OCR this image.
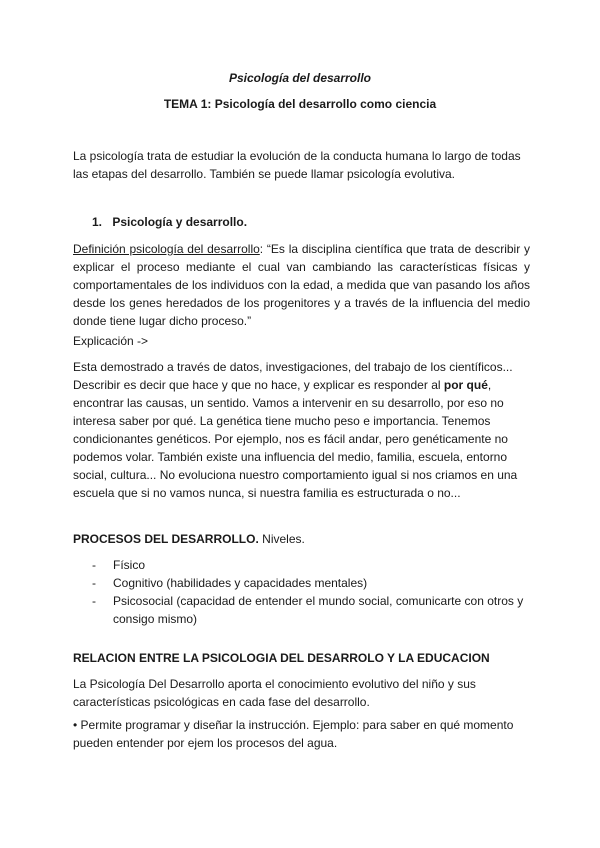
Psicología del desarrollo
TEMA 1: Psicología del desarrollo como ciencia
La psicología trata de estudiar la evolución de la conducta humana lo largo de todas las etapas del desarrollo. También se puede llamar psicología evolutiva.
1. Psicología y desarrollo.
Definición psicología del desarrollo: “Es la disciplina científica que trata de describir y explicar el proceso mediante el cual van cambiando las características físicas y comportamentales de los individuos con la edad, a medida que van pasando los años desde los genes heredados de los progenitores y a través de la influencia del medio donde tiene lugar dicho proceso.”
Explicación ->
Esta demostrado a través de datos, investigaciones, del trabajo de los científicos... Describir es decir que hace y que no hace, y explicar es responder al por qué, encontrar las causas, un sentido. Vamos a intervenir en su desarrollo, por eso no interesa saber por qué. La genética tiene mucho peso e importancia. Tenemos condicionantes genéticos. Por ejemplo, nos es fácil andar, pero genéticamente no podemos volar. También existe una influencia del medio, familia, escuela, entorno social, cultura... No evoluciona nuestro comportamiento igual si nos criamos en una escuela que si no vamos nunca, si nuestra familia es estructurada o no...
PROCESOS DEL DESARROLLO. Niveles.
-	Físico
-	Cognitivo (habilidades y capacidades mentales)
-	Psicosocial (capacidad de entender el mundo social, comunicarte con otros y consigo mismo)
RELACION ENTRE LA PSICOLOGIA DEL DESARROLO Y LA EDUCACION
La Psicología Del Desarrollo aporta el conocimiento evolutivo del niño y sus características psicológicas en cada fase del desarrollo.
• Permite programar y diseñar la instrucción. Ejemplo: para saber en qué momento pueden entender por ejem los procesos del agua.
